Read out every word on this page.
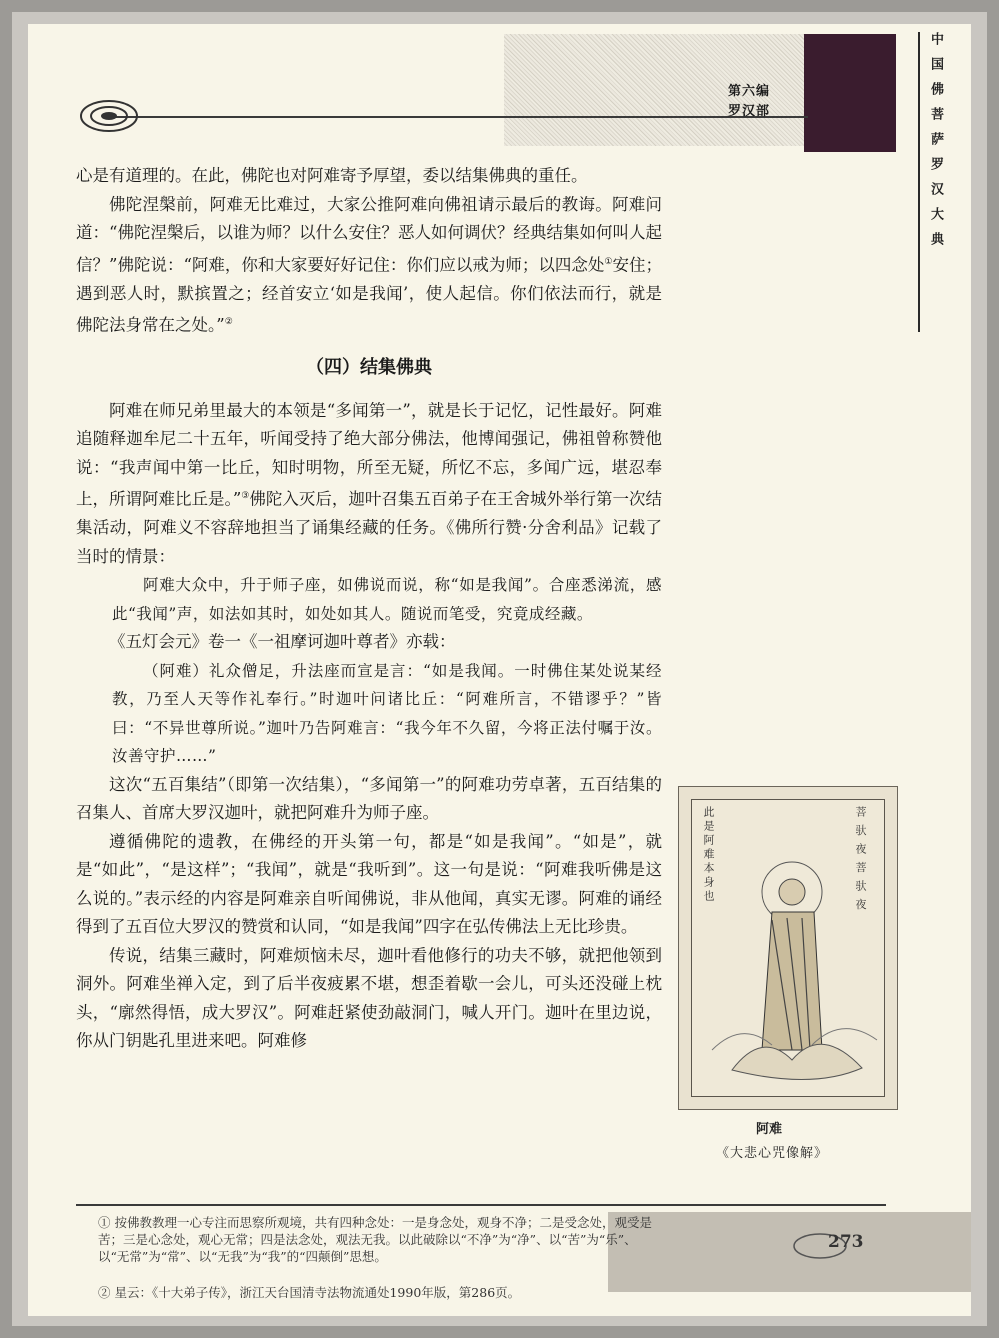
第六编
罗汉部	中国佛菩萨罗汉大典

心是有道理的。在此，佛陀也对阿难寄予厚望，委以结集佛典的重任。

佛陀涅槃前，阿难无比难过，大家公推阿难向佛祖请示最后的教诲。阿难问道：“佛陀涅槃后，以谁为师？以什么安住？恶人如何调伏？经典结集如何叫人起信？”佛陀说：“阿难，你和大家要好好记住：你们应以戒为师；以四念处①安住；遇到恶人时，默摈置之；经首安立‘如是我闻’，使人起信。你们依法而行，就是佛陀法身常在之处。”②

（四）结集佛典

阿难在师兄弟里最大的本领是“多闻第一”，就是长于记忆，记性最好。阿难追随释迦牟尼二十五年，听闻受持了绝大部分佛法，他博闻强记，佛祖曾称赞他说：“我声闻中第一比丘，知时明物，所至无疑，所忆不忘，多闻广远，堪忍奉上，所谓阿难比丘是。”③佛陀入灭后，迦叶召集五百弟子在王舍城外举行第一次结集活动，阿难义不容辞地担当了诵集经藏的任务。《佛所行赞·分舍利品》记载了当时的情景：

阿难大众中，升于师子座，如佛说而说，称“如是我闻”。合座悉涕流，感此“我闻”声，如法如其时，如处如其人。随说而笔受，究竟成经藏。

《五灯会元》卷一《一祖摩诃迦叶尊者》亦载：

（阿难）礼众僧足，升法座而宣是言：“如是我闻。一时佛住某处说某经教，乃至人天等作礼奉行。”时迦叶问诸比丘：“阿难所言，不错谬乎？”皆曰：“不异世尊所说。”迦叶乃告阿难言：“我今年不久留，今将正法付嘱于汝。汝善守护……”

这次“五百集结”（即第一次结集），“多闻第一”的阿难功劳卓著，五百结集的召集人、首席大罗汉迦叶，就把阿难升为师子座。

遵循佛陀的遗教，在佛经的开头第一句，都是“如是我闻”。“如是”，就是“如此”，“是这样”；“我闻”，就是“我听到”。这一句是说：“阿难我听佛是这么说的。”表示经的内容是阿难亲自听闻佛说，非从他闻，真实无谬。阿难的诵经得到了五百位大罗汉的赞赏和认同，“如是我闻”四字在弘传佛法上无比珍贵。

传说，结集三藏时，阿难烦恼未尽，迦叶看他修行的功夫不够，就把他领到洞外。阿难坐禅入定，到了后半夜疲累不堪，想歪着歇一会儿，可头还没碰上枕头，“廓然得悟，成大罗汉”。阿难赶紧使劲敲洞门，喊人开门。迦叶在里边说，你从门钥匙孔里进来吧。阿难修

此是阿难本身也	菩 驮 夜 菩 驮 夜
阿难
《大悲心咒像解》
① 按佛教教理一心专注而思察所观境，共有四种念处：一是身念处，观身不净；二是受念处，观受是苦；三是心念处，观心无常；四是法念处，观法无我。以此破除以“不净”为“净”、以“苦”为“乐”、以“无常”为“常”、以“无我”为“我”的“四颠倒”思想。
② 星云：《十大弟子传》，浙江天台国清寺法物流通处1990年版，第286页。
273
